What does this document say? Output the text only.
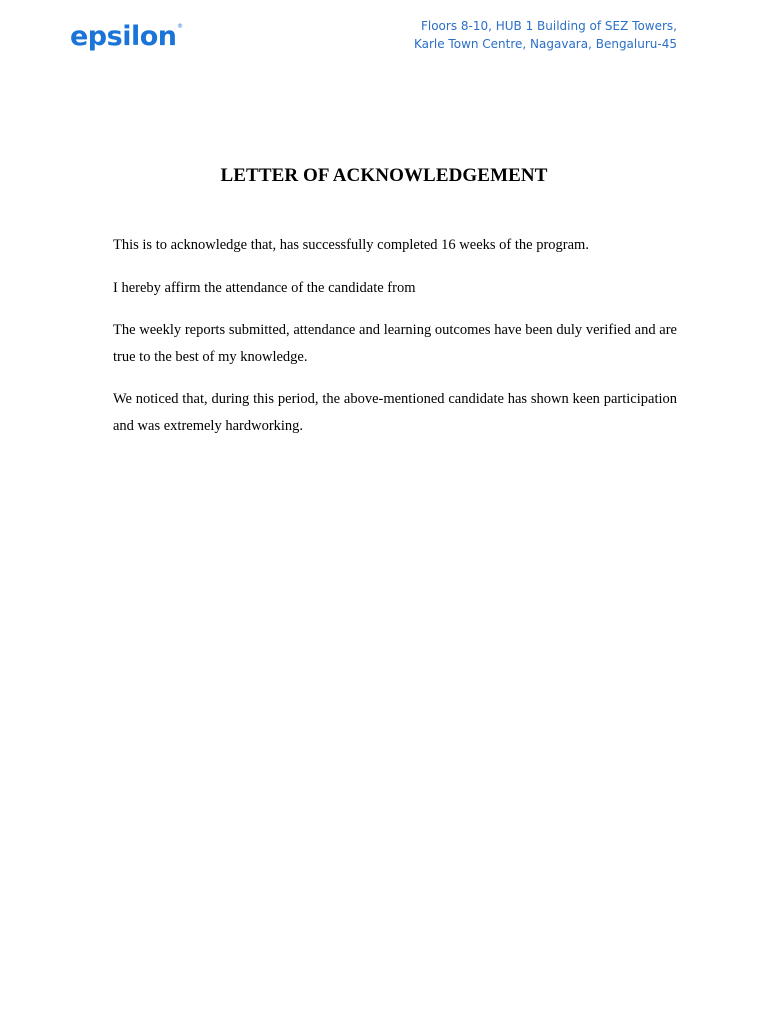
epsilon ®	Floors 8-10, HUB 1 Building of SEZ Towers,
Karle Town Centre, Nagavara, Bengaluru-45
LETTER OF ACKNOWLEDGEMENT

This is to acknowledge that, has successfully completed 16 weeks of the program.

I hereby affirm the attendance of the candidate from

The weekly reports submitted, attendance and learning outcomes have been duly verified and are true to the best of my knowledge.

We noticed that, during this period, the above-mentioned candidate has shown keen participation and was extremely hardworking.
